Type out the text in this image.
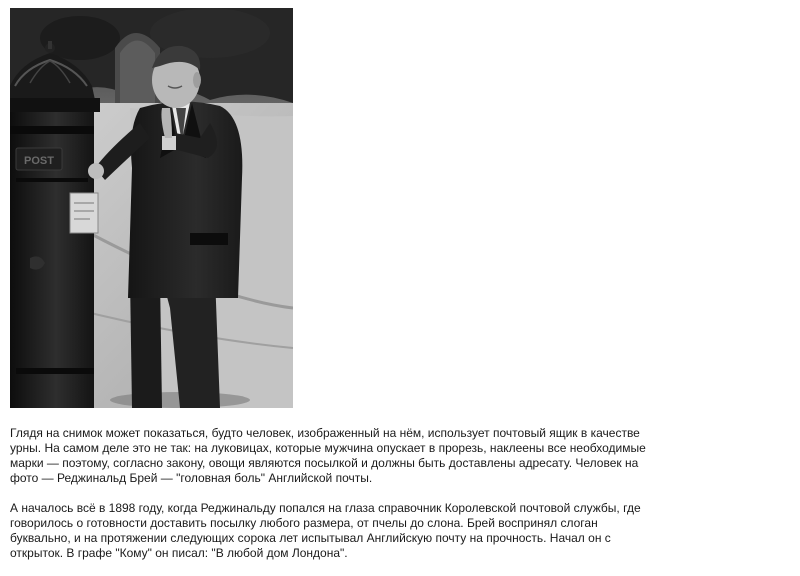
POST

Глядя на снимок может показаться, будто человек, изображенный на нём, использует почтовый ящик в качестве урны. На самом деле это не так: на луковицах, которые мужчина опускает в прорезь, наклеены все необходимые марки — поэтому, согласно закону, овощи являются посылкой и должны быть доставлены адресату. Человек на фото — Реджинальд Брей — "головная боль" Английской почты.

А началось всё в 1898 году, когда Реджинальду попался на глаза справочник Королевской почтовой службы, где говорилось о готовности доставить посылку любого размера, от пчелы до слона. Брей воспринял слоган буквально, и на протяжении следующих сорока лет испытывал Английскую почту на прочность. Начал он с открыток. В графе "Кому" он писал: "В любой дом Лондона".
